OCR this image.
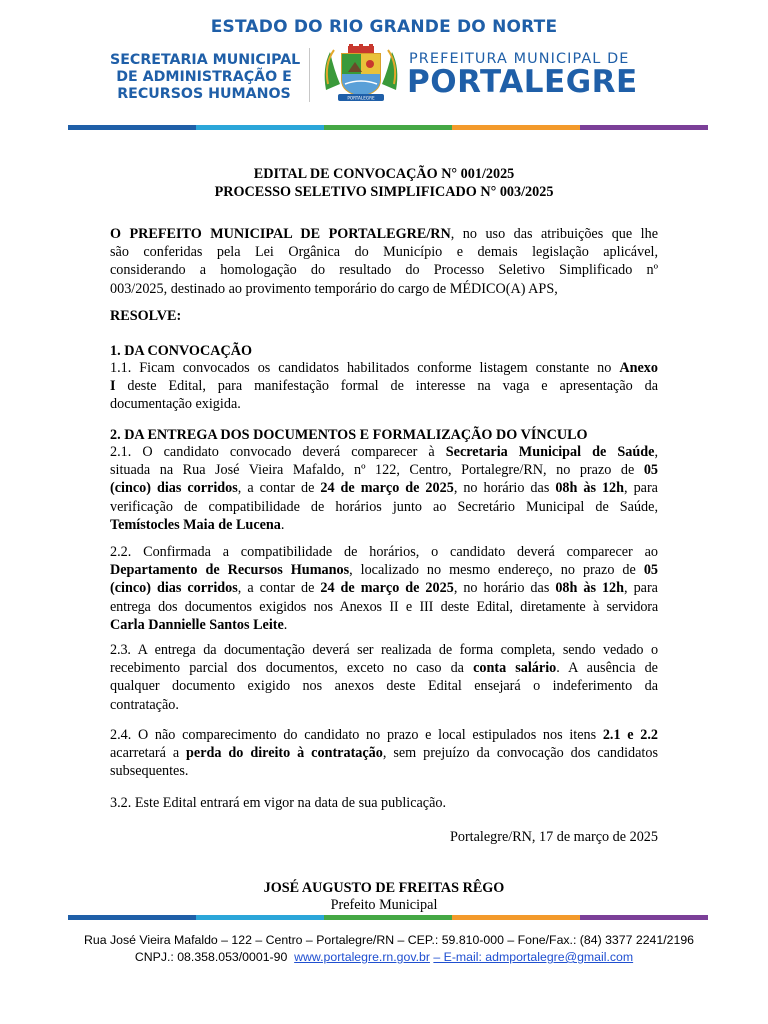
ESTADO DO RIO GRANDE DO NORTE
SECRETARIA MUNICIPAL
DE ADMINISTRAÇÃO E
RECURSOS HUMANOS	PORTALEGRE
PREFEITURA MUNICIPAL DE
PORTALEGRE
EDITAL DE CONVOCAÇÃO N° 001/2025
PROCESSO SELETIVO SIMPLIFICADO N° 003/2025
O PREFEITO MUNICIPAL DE PORTALEGRE/RN, no uso das atribuições que lhe
são conferidas pela Lei Orgânica do Município e demais legislação aplicável,
considerando a homologação do resultado do Processo Seletivo Simplificado nº
003/2025, destinado ao provimento temporário do cargo de MÉDICO(A) APS,
RESOLVE:
1. DA CONVOCAÇÃO
1.1. Ficam convocados os candidatos habilitados conforme listagem constante no Anexo
I deste Edital, para manifestação formal de interesse na vaga e apresentação da
documentação exigida.
2. DA ENTREGA DOS DOCUMENTOS E FORMALIZAÇÃO DO VÍNCULO
2.1. O candidato convocado deverá comparecer à Secretaria Municipal de Saúde,
situada na Rua José Vieira Mafaldo, nº 122, Centro, Portalegre/RN, no prazo de 05
(cinco) dias corridos, a contar de 24 de março de 2025, no horário das 08h às 12h, para
verificação de compatibilidade de horários junto ao Secretário Municipal de Saúde,
Temístocles Maia de Lucena.
2.2. Confirmada a compatibilidade de horários, o candidato deverá comparecer ao
Departamento de Recursos Humanos, localizado no mesmo endereço, no prazo de 05
(cinco) dias corridos, a contar de 24 de março de 2025, no horário das 08h às 12h, para
entrega dos documentos exigidos nos Anexos II e III deste Edital, diretamente à servidora
Carla Dannielle Santos Leite.
2.3. A entrega da documentação deverá ser realizada de forma completa, sendo vedado o
recebimento parcial dos documentos, exceto no caso da conta salário. A ausência de
qualquer documento exigido nos anexos deste Edital ensejará o indeferimento da
contratação.
2.4. O não comparecimento do candidato no prazo e local estipulados nos itens 2.1 e 2.2
acarretará a perda do direito à contratação, sem prejuízo da convocação dos candidatos
subsequentes.
3.2. Este Edital entrará em vigor na data de sua publicação.
Portalegre/RN, 17 de março de 2025
JOSÉ AUGUSTO DE FREITAS RÊGO
Prefeito Municipal
Rua José Vieira Mafaldo – 122 – Centro – Portalegre/RN – CEP.: 59.810-000 – Fone/Fax.: (84) 3377 2241/2196
CNPJ.: 08.358.053/0001-90 www.portalegre.rn.gov.br – E-mail: admportalegre@gmail.com
